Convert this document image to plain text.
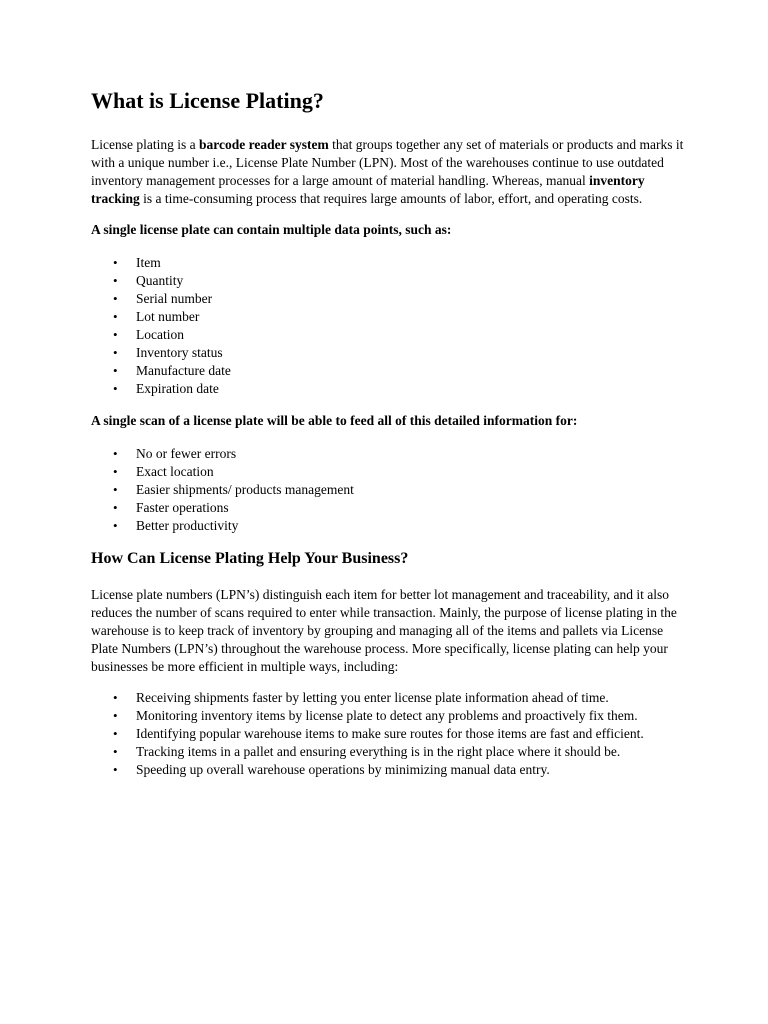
What is License Plating?

License plating is a barcode reader system that groups together any set of materials or products and marks it with a unique number i.e., License Plate Number (LPN). Most of the warehouses continue to use outdated inventory management processes for a large amount of material handling. Whereas, manual inventory tracking is a time-consuming process that requires large amounts of labor, effort, and operating costs.

A single license plate can contain multiple data points, such as:

• Item
• Quantity
• Serial number
• Lot number
• Location
• Inventory status
• Manufacture date
• Expiration date

A single scan of a license plate will be able to feed all of this detailed information for:

• No or fewer errors
• Exact location
• Easier shipments/ products management
• Faster operations
• Better productivity
How Can License Plating Help Your Business?

License plate numbers (LPN’s) distinguish each item for better lot management and traceability, and it also reduces the number of scans required to enter while transaction. Mainly, the purpose of license plating in the warehouse is to keep track of inventory by grouping and managing all of the items and pallets via License Plate Numbers (LPN’s) throughout the warehouse process. More specifically, license plating can help your businesses be more efficient in multiple ways, including:

• Receiving shipments faster by letting you enter license plate information ahead of time.
• Monitoring inventory items by license plate to detect any problems and proactively fix them.
• Identifying popular warehouse items to make sure routes for those items are fast and efficient.
• Tracking items in a pallet and ensuring everything is in the right place where it should be.
• Speeding up overall warehouse operations by minimizing manual data entry.
